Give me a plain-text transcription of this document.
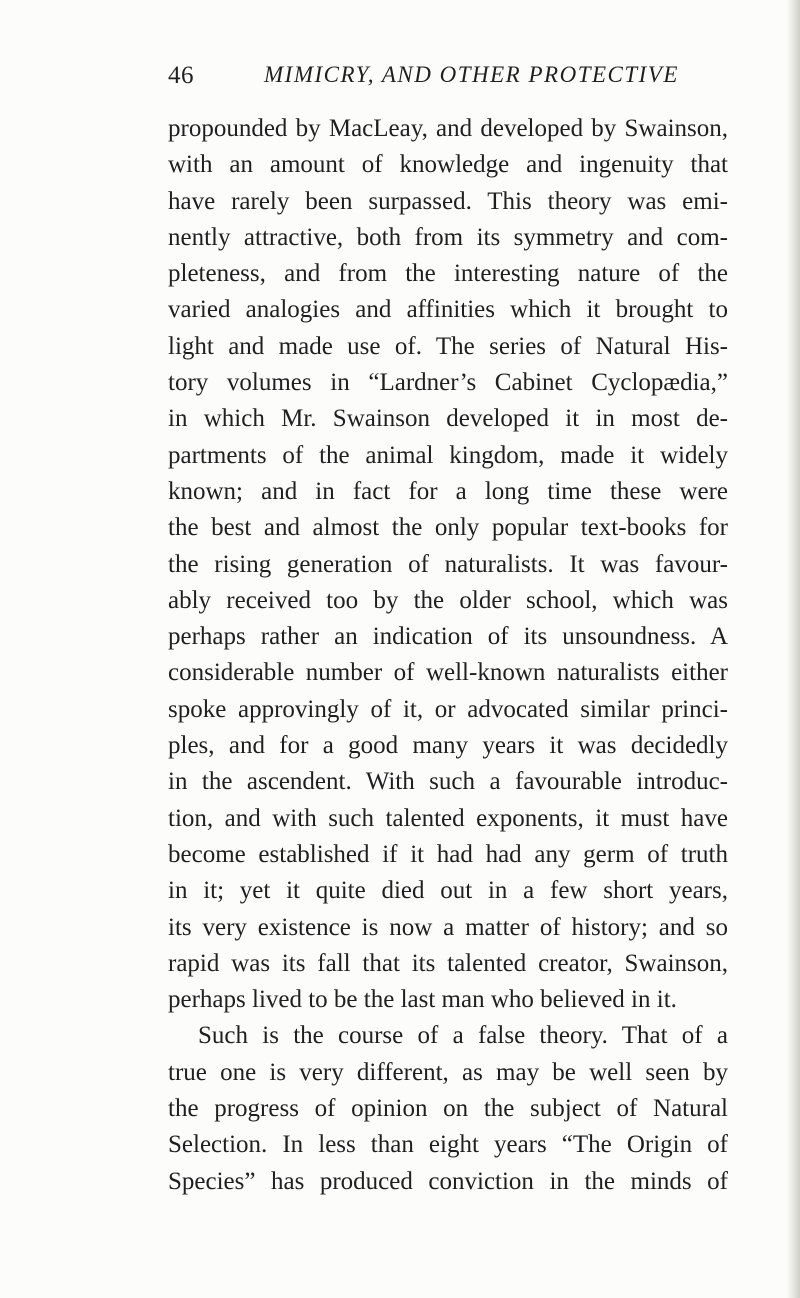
46	MIMICRY, AND OTHER PROTECTIVE
propounded by MacLeay, and developed by Swainson,
with an amount of knowledge and ingenuity that
have rarely been surpassed. This theory was emi-
nently attractive, both from its symmetry and com-
pleteness, and from the interesting nature of the
varied analogies and affinities which it brought to
light and made use of. The series of Natural His-
tory volumes in “Lardner’s Cabinet Cyclopædia,”
in which Mr. Swainson developed it in most de-
partments of the animal kingdom, made it widely
known; and in fact for a long time these were
the best and almost the only popular text-books for
the rising generation of naturalists. It was favour-
ably received too by the older school, which was
perhaps rather an indication of its unsoundness. A
considerable number of well-known naturalists either
spoke approvingly of it, or advocated similar princi-
ples, and for a good many years it was decidedly
in the ascendent. With such a favourable introduc-
tion, and with such talented exponents, it must have
become established if it had had any germ of truth
in it; yet it quite died out in a few short years,
its very existence is now a matter of history; and so
rapid was its fall that its talented creator, Swainson,
perhaps lived to be the last man who believed in it.
Such is the course of a false theory. That of a
true one is very different, as may be well seen by
the progress of opinion on the subject of Natural
Selection. In less than eight years “The Origin of
Species” has produced conviction in the minds of
